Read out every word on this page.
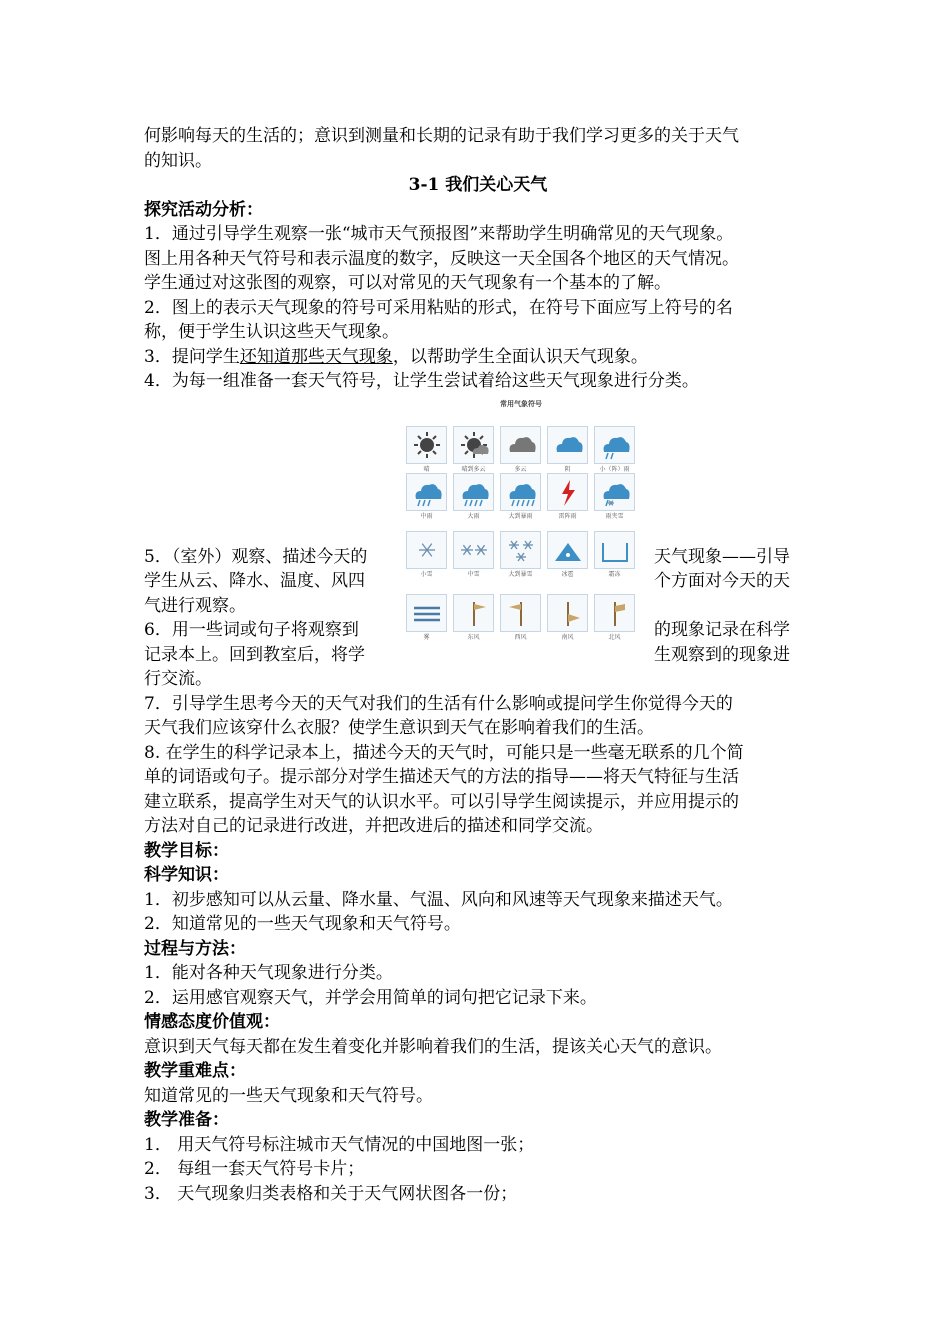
何影响每天的生活的；意识到测量和长期的记录有助于我们学习更多的关于天气
的知识。
3-1 我们关心天气
探究活动分析：
1．通过引导学生观察一张“城市天气预报图”来帮助学生明确常见的天气现象。
图上用各种天气符号和表示温度的数字，反映这一天全国各个地区的天气情况。
学生通过对这张图的观察，可以对常见的天气现象有一个基本的了解。
2．图上的表示天气现象的符号可采用粘贴的形式，在符号下面应写上符号的名
称，便于学生认识这些天气现象。
3．提问学生还知道那些天气现象，以帮助学生全面认识天气现象。
4．为每一组准备一套天气符号，让学生尝试着给这些天气现象进行分类。
5．（室外）观察、描述今天的	天气现象——引导
学生从云、降水、温度、风四	个方面对今天的天
气进行观察。
6．用一些词或句子将观察到	的现象记录在科学
记录本上。回到教室后，将学	生观察到的现象进
行交流。
7．引导学生思考今天的天气对我们的生活有什么影响或提问学生你觉得今天的
天气我们应该穿什么衣服？使学生意识到天气在影响着我们的生活。
8. 在学生的科学记录本上，描述今天的天气时，可能只是一些毫无联系的几个简
单的词语或句子。提示部分对学生描述天气的方法的指导——将天气特征与生活
建立联系，提高学生对天气的认识水平。可以引导学生阅读提示，并应用提示的
方法对自己的记录进行改进，并把改进后的描述和同学交流。
教学目标：
科学知识：
1．初步感知可以从云量、降水量、气温、风向和风速等天气现象来描述天气。
2．知道常见的一些天气现象和天气符号。
过程与方法：
1．能对各种天气现象进行分类。
2．运用感官观察天气，并学会用简单的词句把它记录下来。
情感态度价值观：
意识到天气每天都在发生着变化并影响着我们的生活，提该关心天气的意识。
教学重难点：
知道常见的一些天气现象和天气符号。
教学准备：
1． 用天气符号标注城市天气情况的中国地图一张；
2． 每组一套天气符号卡片；
3． 天气现象归类表格和关于天气网状图各一份；
常用气象符号
晴	晴到多云	多云	阴	小（阵）雨
中雨	大雨	大到暴雨	雷阵雨	雨夹雪
小雪	中雪	大到暴雪	冰雹	霜冻
雾	东风	西风	南风	北风
